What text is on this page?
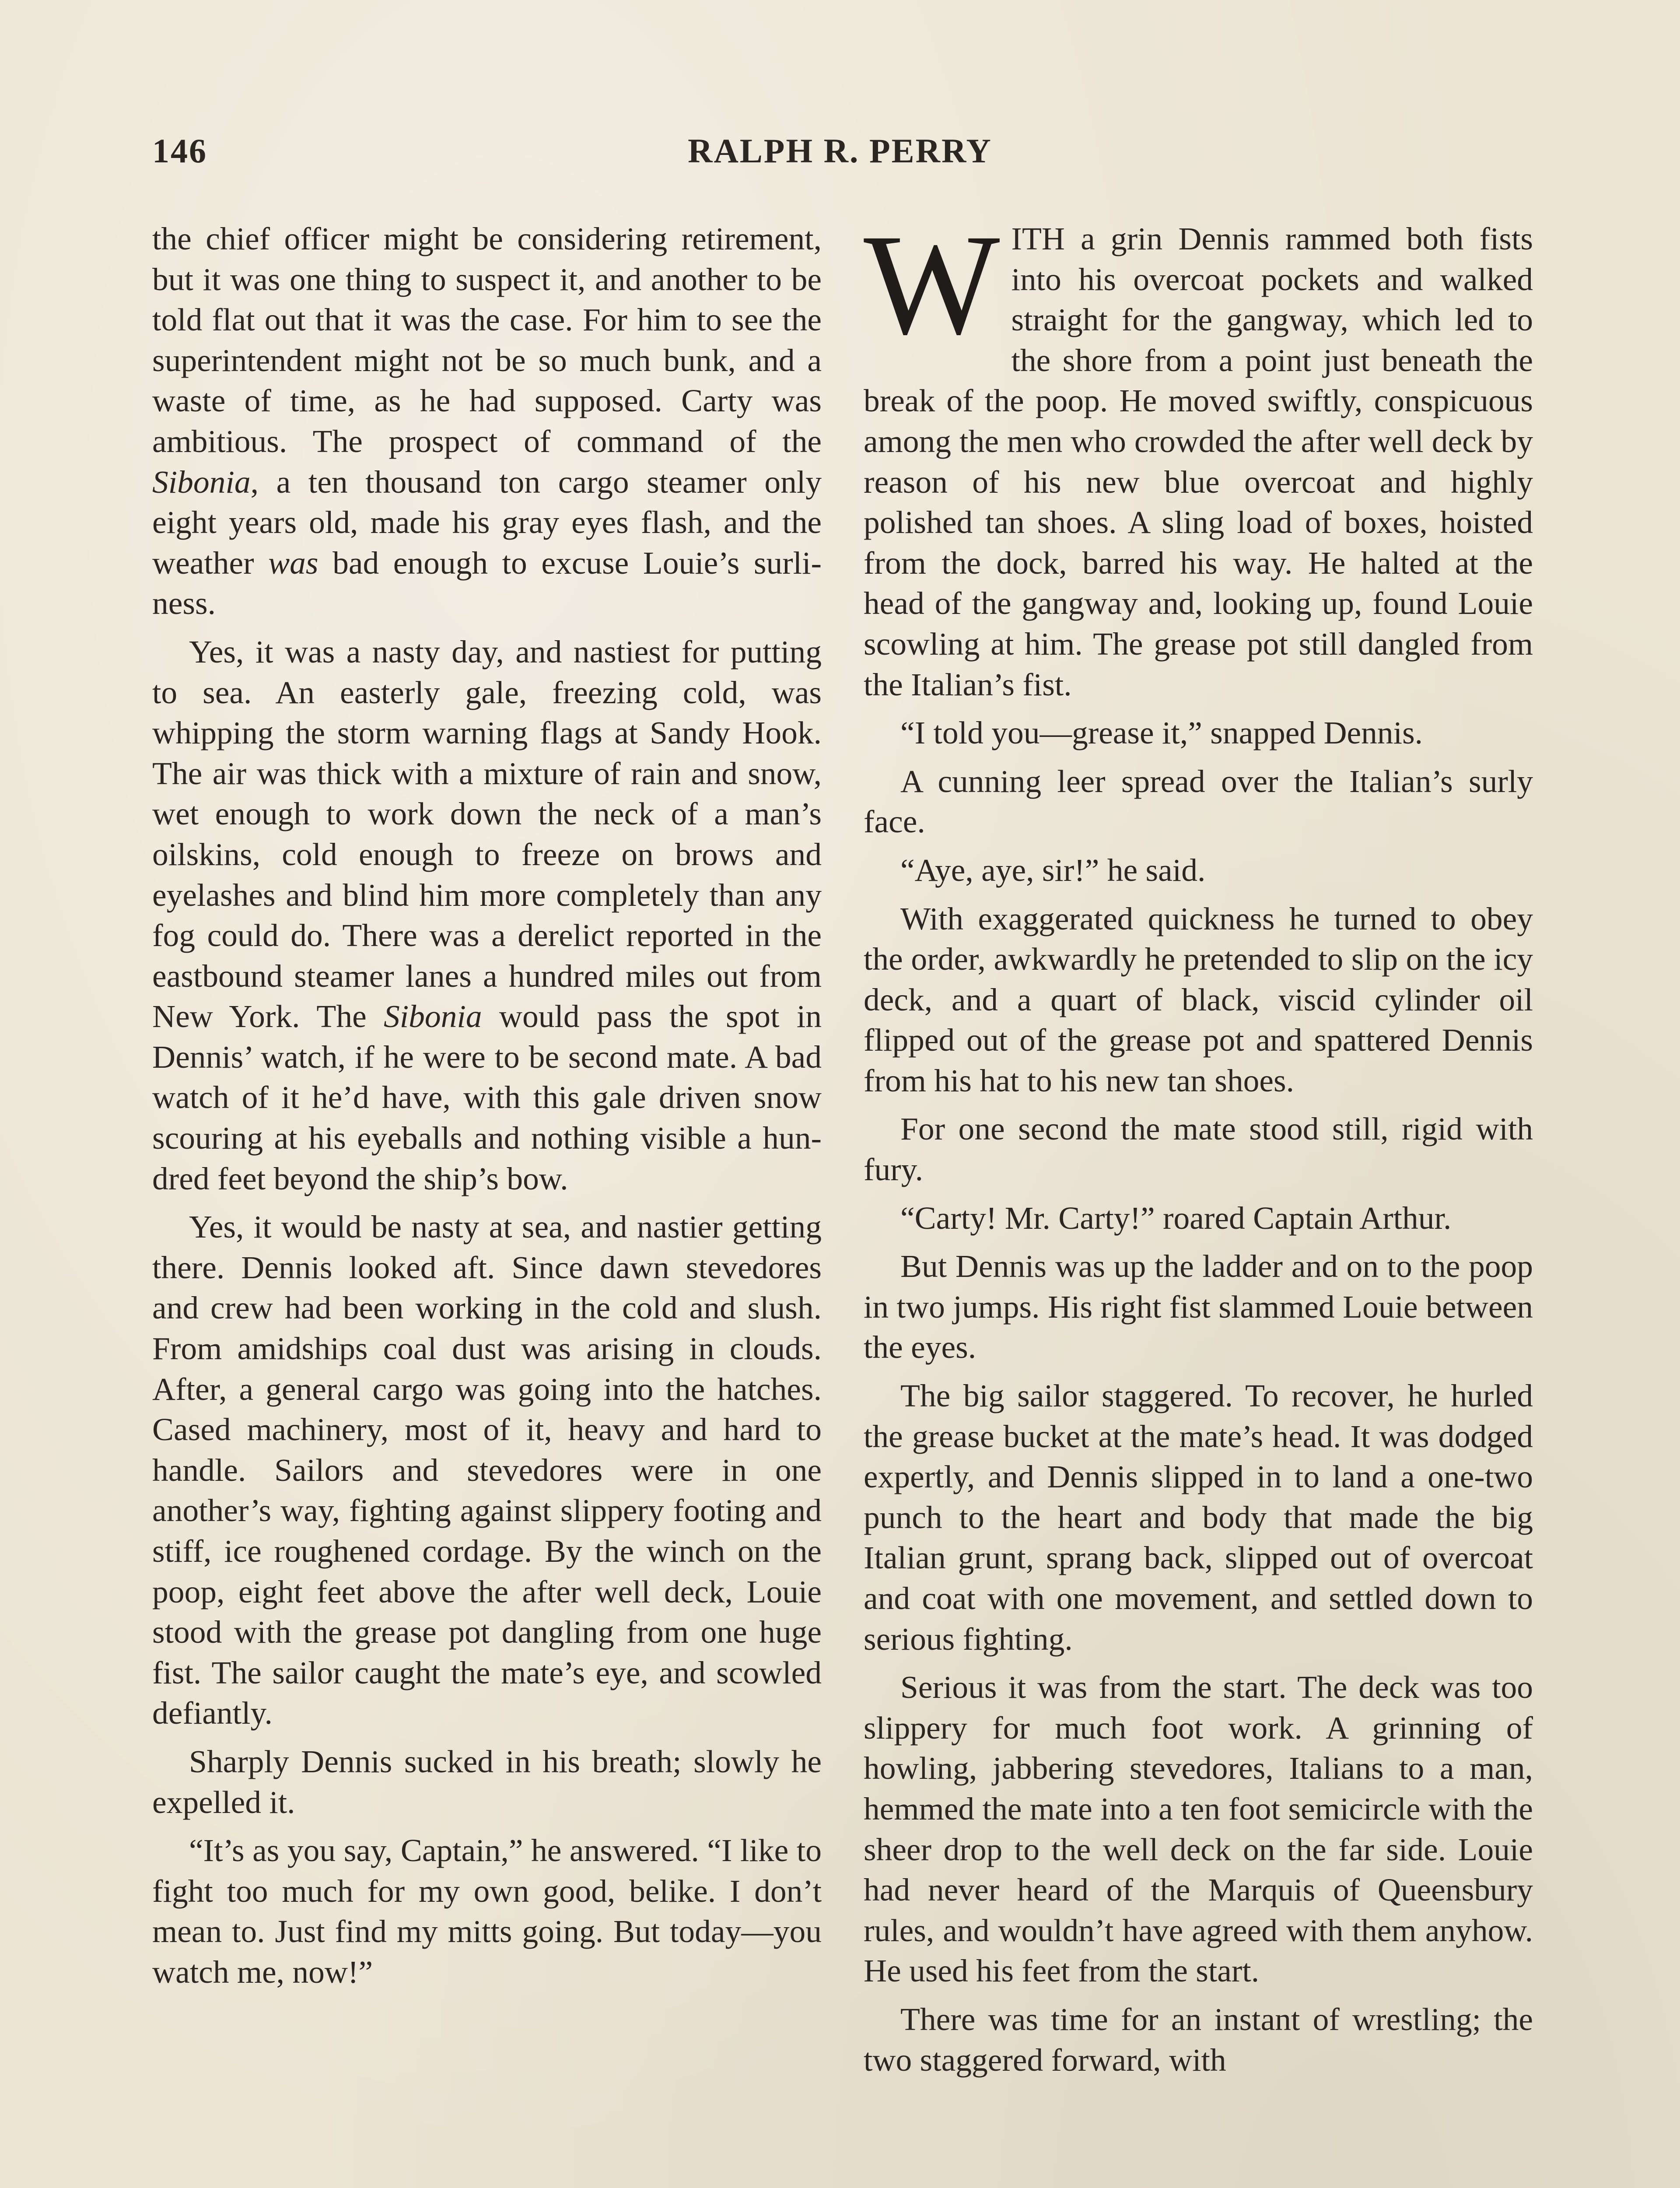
146	RALPH R. PERRY

the chief officer might be considering retirement, but it was one thing to suspect it, and another to be told flat out that it was the case. For him to see the superintendent might not be so much bunk, and a waste of time, as he had supposed. Carty was ambitious. The prospect of command of the Sibonia, a ten thousand ton cargo steamer only eight years old, made his gray eyes flash, and the weather was bad enough to excuse Louie’s surliness.

Yes, it was a nasty day, and nastiest for putting to sea. An easterly gale, freezing cold, was whipping the storm warning flags at Sandy Hook. The air was thick with a mixture of rain and snow, wet enough to work down the neck of a man’s oilskins, cold enough to freeze on brows and eyelashes and blind him more completely than any fog could do. There was a derelict reported in the eastbound steamer lanes a hundred miles out from New York. The Sibonia would pass the spot in Dennis’ watch, if he were to be second mate. A bad watch of it he’d have, with this gale driven snow scouring at his eyeballs and nothing visible a hundred feet beyond the ship’s bow.

Yes, it would be nasty at sea, and nastier getting there. Dennis looked aft. Since dawn stevedores and crew had been working in the cold and slush. From amidships coal dust was arising in clouds. After, a general cargo was going into the hatches. Cased machinery, most of it, heavy and hard to handle. Sailors and stevedores were in one another’s way, fighting against slippery footing and stiff, ice roughened cordage. By the winch on the poop, eight feet above the after well deck, Louie stood with the grease pot dangling from one huge fist. The sailor caught the mate’s eye, and scowled defiantly.

Sharply Dennis sucked in his breath; slowly he expelled it.

“It’s as you say, Captain,” he answered. “I like to fight too much for my own good, belike. I don’t mean to. Just find my mitts going. But today—you watch me, now!”

WITH a grin Dennis rammed both fists into his overcoat pockets and walked straight for the gangway, which led to the shore from a point just beneath the break of the poop. He moved swiftly, conspicuous among the men who crowded the after well deck by reason of his new blue overcoat and highly polished tan shoes. A sling load of boxes, hoisted from the dock, barred his way. He halted at the head of the gangway and, looking up, found Louie scowling at him. The grease pot still dangled from the Italian’s fist.

“I told you—grease it,” snapped Dennis.

A cunning leer spread over the Italian’s surly face.

“Aye, aye, sir!” he said.

With exaggerated quickness he turned to obey the order, awkwardly he pretended to slip on the icy deck, and a quart of black, viscid cylinder oil flipped out of the grease pot and spattered Dennis from his hat to his new tan shoes.

For one second the mate stood still, rigid with fury.

“Carty! Mr. Carty!” roared Captain Arthur.

But Dennis was up the ladder and on to the poop in two jumps. His right fist slammed Louie between the eyes.

The big sailor staggered. To recover, he hurled the grease bucket at the mate’s head. It was dodged expertly, and Dennis slipped in to land a one-two punch to the heart and body that made the big Italian grunt, sprang back, slipped out of overcoat and coat with one movement, and settled down to serious fighting.

Serious it was from the start. The deck was too slippery for much foot work. A grinning of howling, jabbering stevedores, Italians to a man, hemmed the mate into a ten foot semicircle with the sheer drop to the well deck on the far side. Louie had never heard of the Marquis of Queensbury rules, and wouldn’t have agreed with them anyhow. He used his feet from the start.

There was time for an instant of wrestling; the two staggered forward, with
